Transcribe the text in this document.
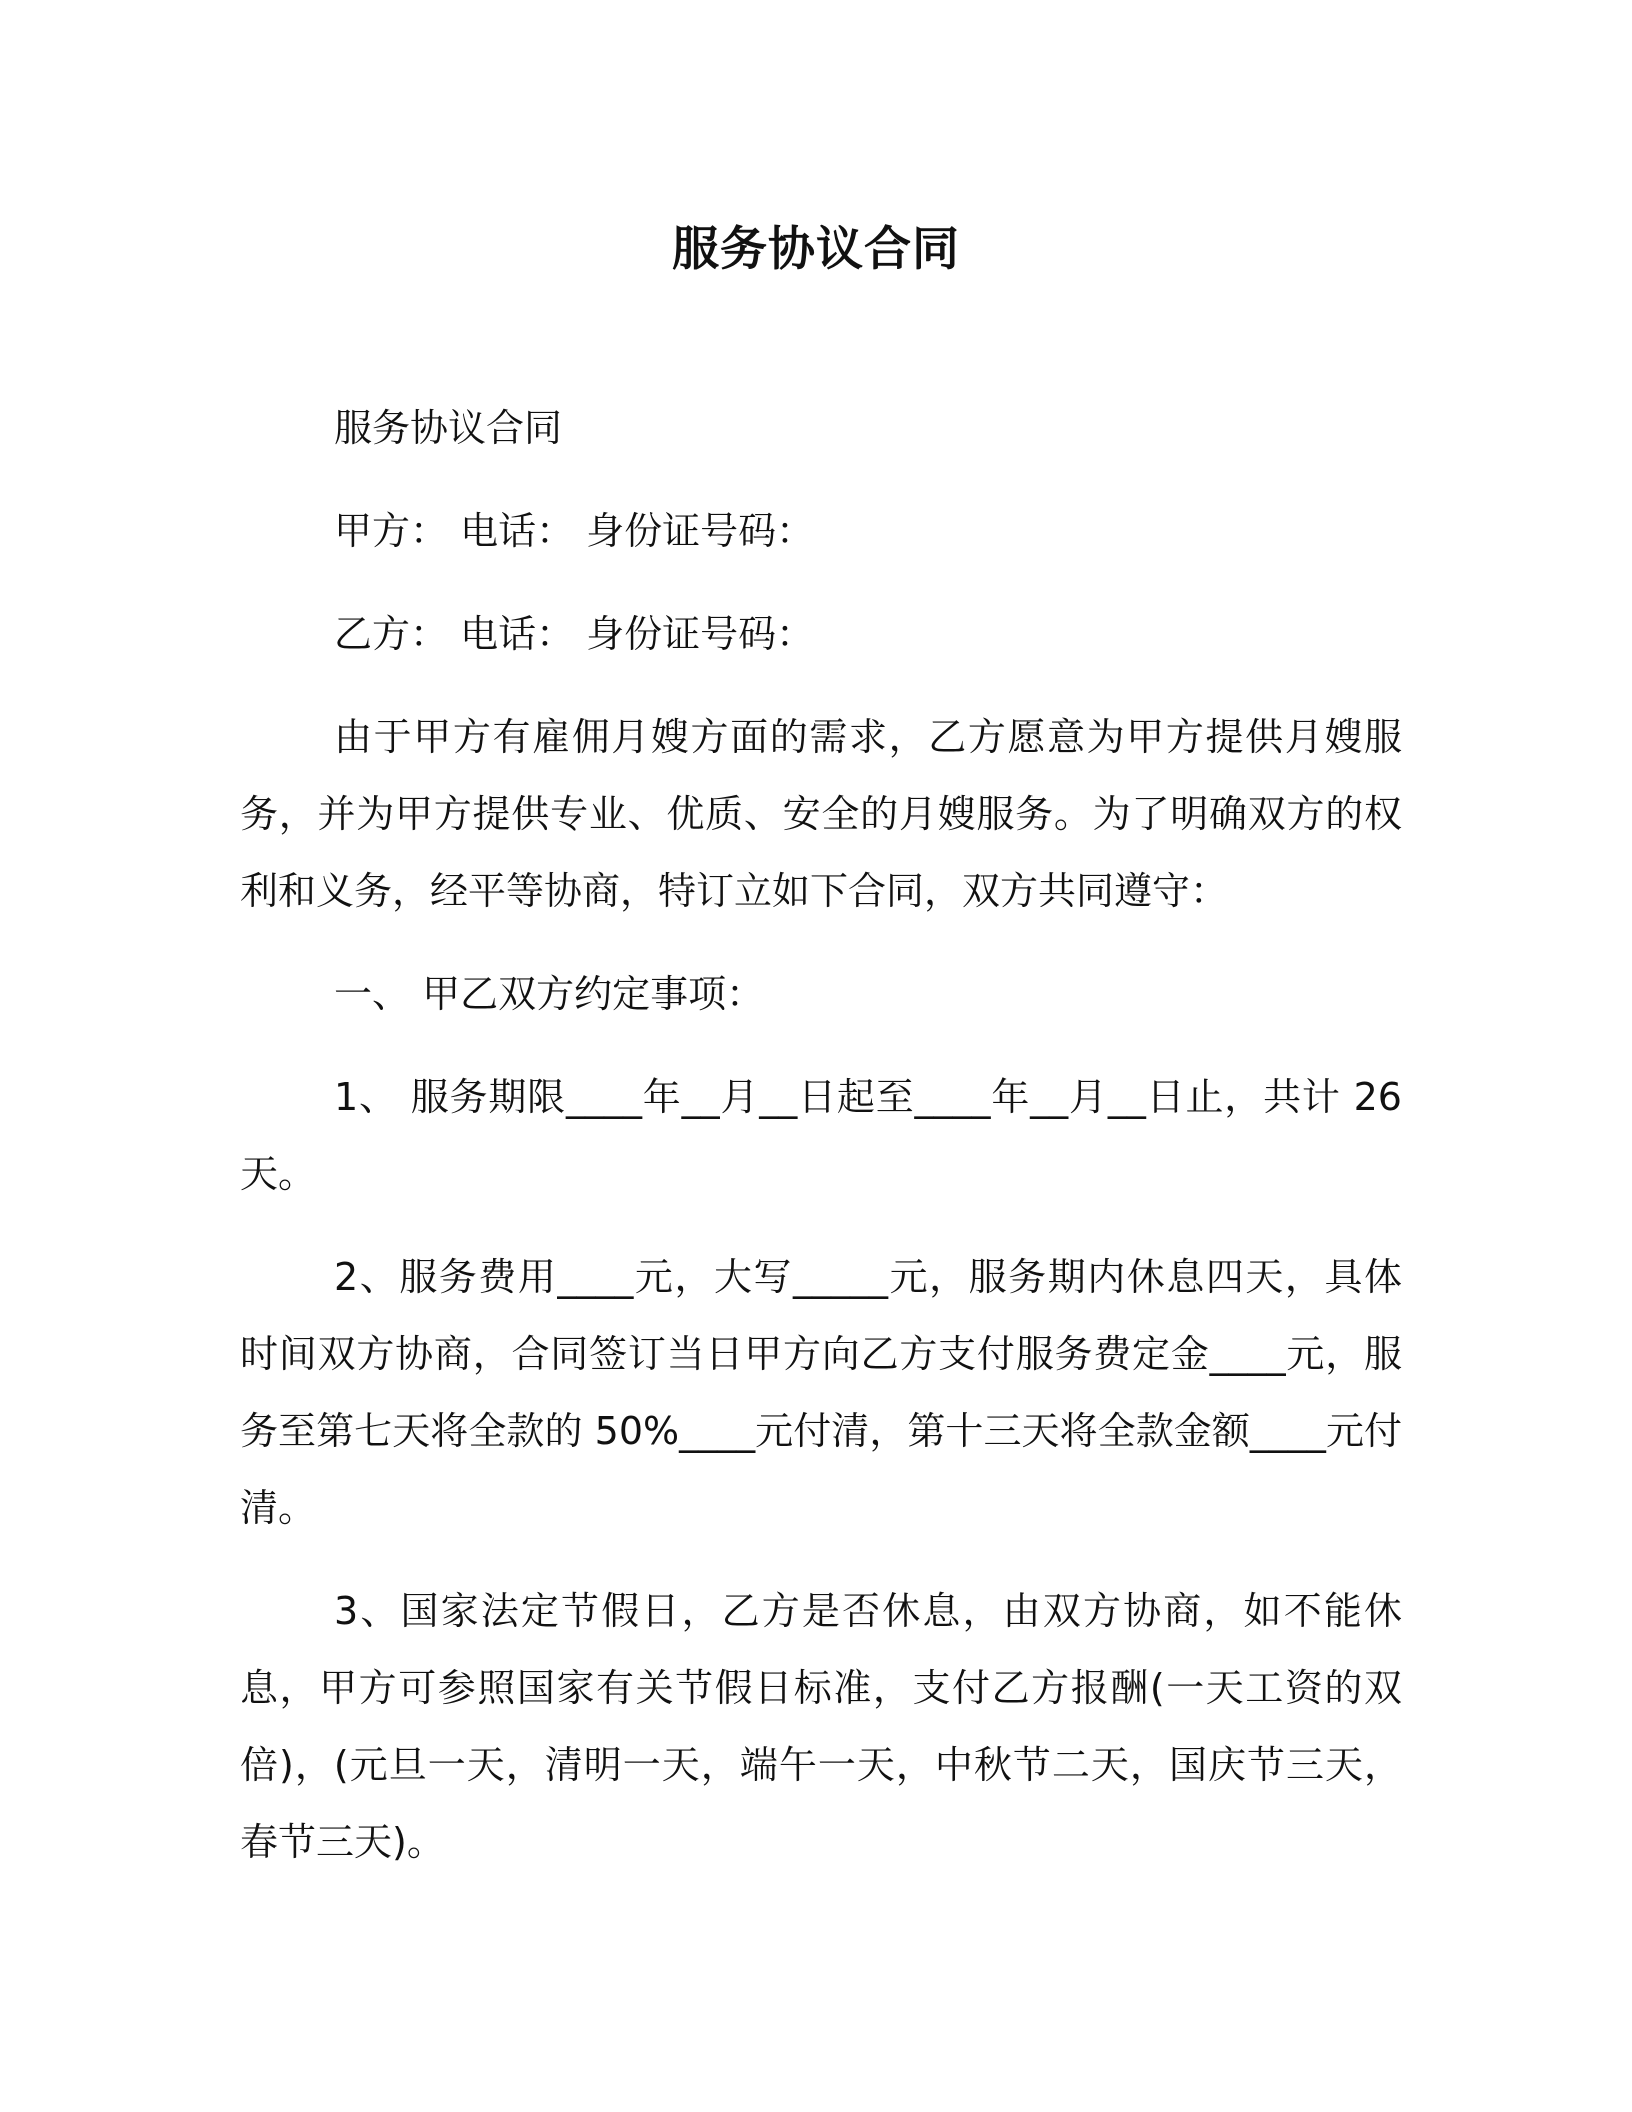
服务协议合同

服务协议合同

甲方： 电话： 身份证号码：

乙方： 电话： 身份证号码：

由于甲方有雇佣月嫂方面的需求，乙方愿意为甲方提供月嫂服务，并为甲方提供专业、优质、安全的月嫂服务。为了明确双方的权利和义务，经平等协商，特订立如下合同，双方共同遵守：

一、 甲乙双方约定事项：

1、 服务期限____年__月__日起至____年__月__日止，共计 26 天。

2、服务费用____元，大写_____元，服务期内休息四天，具体时间双方协商，合同签订当日甲方向乙方支付服务费定金____元，服务至第七天将全款的 50%____元付清，第十三天将全款金额____元付清。

3、国家法定节假日，乙方是否休息，由双方协商，如不能休息，甲方可参照国家有关节假日标准，支付乙方报酬(一天工资的双倍)，(元旦一天，清明一天，端午一天，中秋节二天，国庆节三天，春节三天)。
